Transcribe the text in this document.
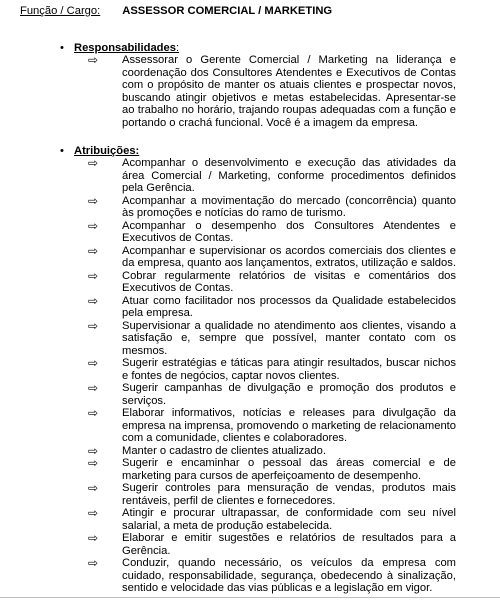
Função / Cargo: ASSESSOR COMERCIAL / MARKETING
• Responsabilidades:
⇨ Assessorar o Gerente Comercial / Marketing na liderança e coordenação dos Consultores Atendentes e Executivos de Contas com o propósito de manter os atuais clientes e prospectar novos, buscando atingir objetivos e metas estabelecidas. Apresentar-se ao trabalho no horário, trajando roupas adequadas com a função e portando o crachá funcional. Você é a imagem da empresa.
• Atribuições:
⇨ Acompanhar o desenvolvimento e execução das atividades da área Comercial / Marketing, conforme procedimentos definidos pela Gerência.
⇨ Acompanhar a movimentação do mercado (concorrência) quanto às promoções e notícias do ramo de turismo.
⇨ Acompanhar o desempenho dos Consultores Atendentes e Executivos de Contas.
⇨ Acompanhar e supervisionar os acordos comerciais dos clientes e da empresa, quanto aos lançamentos, extratos, utilização e saldos.
⇨ Cobrar regularmente relatórios de visitas e comentários dos Executivos de Contas.
⇨ Atuar como facilitador nos processos da Qualidade estabelecidos pela empresa.
⇨ Supervisionar a qualidade no atendimento aos clientes, visando a satisfação e, sempre que possível, manter contato com os mesmos.
⇨ Sugerir estratégias e táticas para atingir resultados, buscar nichos e fontes de negócios, captar novos clientes.
⇨ Sugerir campanhas de divulgação e promoção dos produtos e serviços.
⇨ Elaborar informativos, notícias e releases para divulgação da empresa na imprensa, promovendo o marketing de relacionamento com a comunidade, clientes e colaboradores.
⇨ Manter o cadastro de clientes atualizado.
⇨ Sugerir e encaminhar o pessoal das áreas comercial e de marketing para cursos de aperfeiçoamento de desempenho.
⇨ Sugerir controles para mensuração de vendas, produtos mais rentáveis, perfil de clientes e fornecedores.
⇨ Atingir e procurar ultrapassar, de conformidade com seu nível salarial, a meta de produção estabelecida.
⇨ Elaborar e emitir sugestões e relatórios de resultados para a Gerência.
⇨ Conduzir, quando necessário, os veículos da empresa com cuidado, responsabilidade, segurança, obedecendo à sinalização, sentido e velocidade das vias públicas e a legislação em vigor.
